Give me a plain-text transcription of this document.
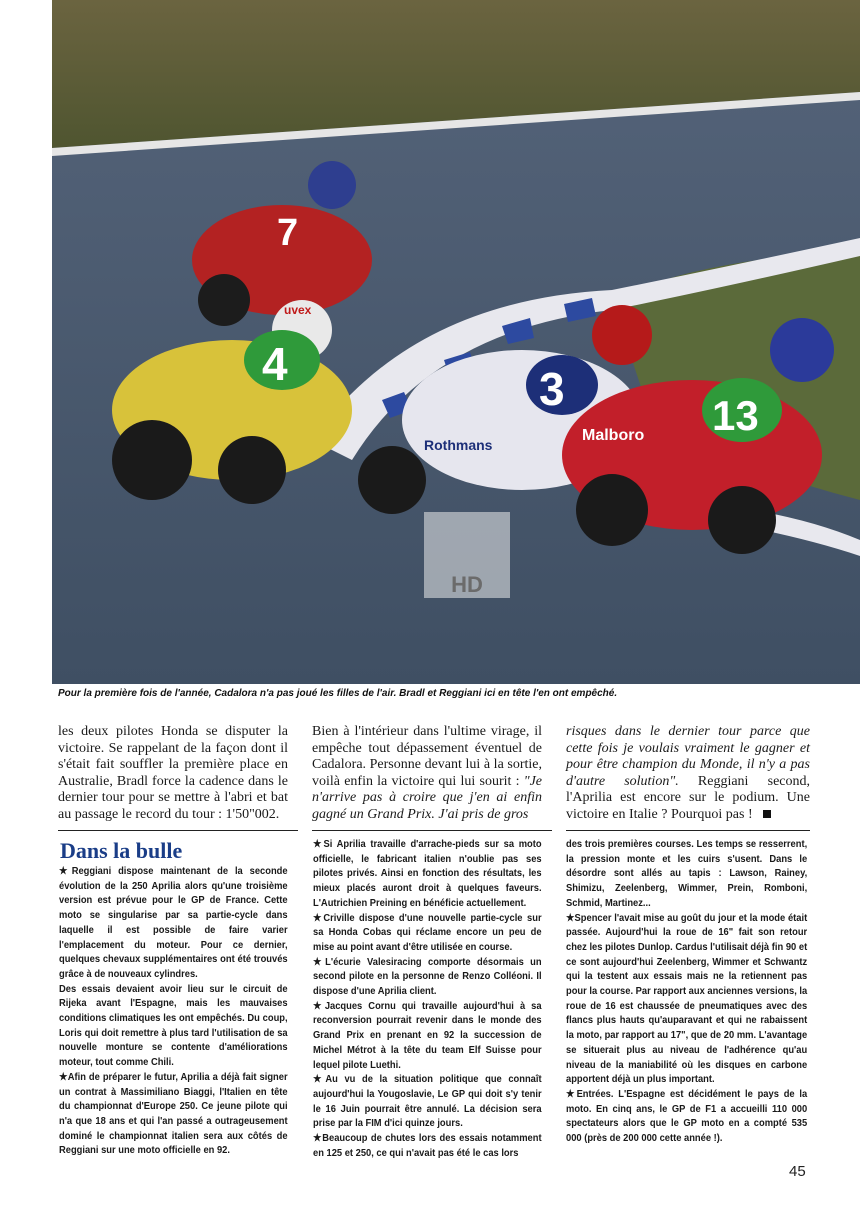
7
uvex
4	3
Rothmans
13
Malboro
HD
Pour la première fois de l'année, Cadalora n'a pas joué les filles de l'air. Bradl et Reggiani ici en tête l'en ont empêché.
les deux pilotes Honda se disputer la victoire. Se rappelant de la façon dont il s'était fait souffler la première place en Australie, Bradl force la cadence dans le dernier tour pour se mettre à l'abri et bat au passage le record du tour : 1'50"002.
Bien à l'intérieur dans l'ultime virage, il empêche tout dépassement éventuel de Cadalora. Personne devant lui à la sortie, voilà enfin la victoire qui lui sourit : "Je n'arrive pas à croire que j'en ai enfin gagné un Grand Prix. J'ai pris de gros
risques dans le dernier tour parce que cette fois je voulais vraiment le gagner et pour être champion du Monde, il n'y a pas d'autre solution". Reggiani second, l'Aprilia est encore sur le podium. Une victoire en Italie ? Pourquoi pas !
Dans la bulle

★Reggiani dispose maintenant de la seconde évolution de la 250 Aprilia alors qu'une troisième version est prévue pour le GP de France. Cette moto se singularise par sa partie-cycle dans laquelle il est possible de faire varier l'emplacement du moteur. Pour ce dernier, quelques chevaux supplémentaires ont été trouvés grâce à de nouveaux cylindres.

Des essais devaient avoir lieu sur le circuit de Rijeka avant l'Espagne, mais les mauvaises conditions climatiques les ont empêchés. Du coup, Loris qui doit remettre à plus tard l'utilisation de sa nouvelle monture se contente d'améliorations moteur, tout comme Chili.

★Afin de préparer le futur, Aprilia a déjà fait signer un contrat à Massimiliano Biaggi, l'Italien en tête du championnat d'Europe 250. Ce jeune pilote qui n'a que 18 ans et qui l'an passé a outrageusement dominé le championnat italien sera aux côtés de Reggiani sur une moto officielle en 92.

★Si Aprilia travaille d'arrache-pieds sur sa moto officielle, le fabricant italien n'oublie pas ses pilotes privés. Ainsi en fonction des résultats, les mieux placés auront droit à quelques faveurs. L'Autrichien Preining en bénéficie actuellement.

★Criville dispose d'une nouvelle partie-cycle sur sa Honda Cobas qui réclame encore un peu de mise au point avant d'être utilisée en course.

★L'écurie Valesiracing comporte désormais un second pilote en la personne de Renzo Colléoni. Il dispose d'une Aprilia client.

★Jacques Cornu qui travaille aujourd'hui à sa reconversion pourrait revenir dans le monde des Grand Prix en prenant en 92 la succession de Michel Métrot à la tête du team Elf Suisse pour lequel pilote Luethi.

★Au vu de la situation politique que connaît aujourd'hui la Yougoslavie, Le GP qui doit s'y tenir le 16 Juin pourrait être annulé. La décision sera prise par la FIM d'ici quinze jours.

★Beaucoup de chutes lors des essais notamment en 125 et 250, ce qui n'avait pas été le cas lors

des trois premières courses. Les temps se resserrent, la pression monte et les cuirs s'usent. Dans le désordre sont allés au tapis : Lawson, Rainey, Shimizu, Zeelenberg, Wimmer, Prein, Romboni, Schmid, Martinez...

★Spencer l'avait mise au goût du jour et la mode était passée. Aujourd'hui la roue de 16" fait son retour chez les pilotes Dunlop. Cardus l'utilisait déjà fin 90 et ce sont aujourd'hui Zeelenberg, Wimmer et Schwantz qui la testent aux essais mais ne la retiennent pas pour la course. Par rapport aux anciennes versions, la roue de 16 est chaussée de pneumatiques avec des flancs plus hauts qu'auparavant et qui ne rabaissent la moto, par rapport au 17", que de 20 mm. L'avantage se situerait plus au niveau de l'adhérence qu'au niveau de la maniabilité où les disques en carbone apportent déjà un plus important.

★Entrées. L'Espagne est décidément le pays de la moto. En cinq ans, le GP de F1 a accueilli 110 000 spectateurs alors que le GP moto en a compté 535 000 (près de 200 000 cette année !).

45
